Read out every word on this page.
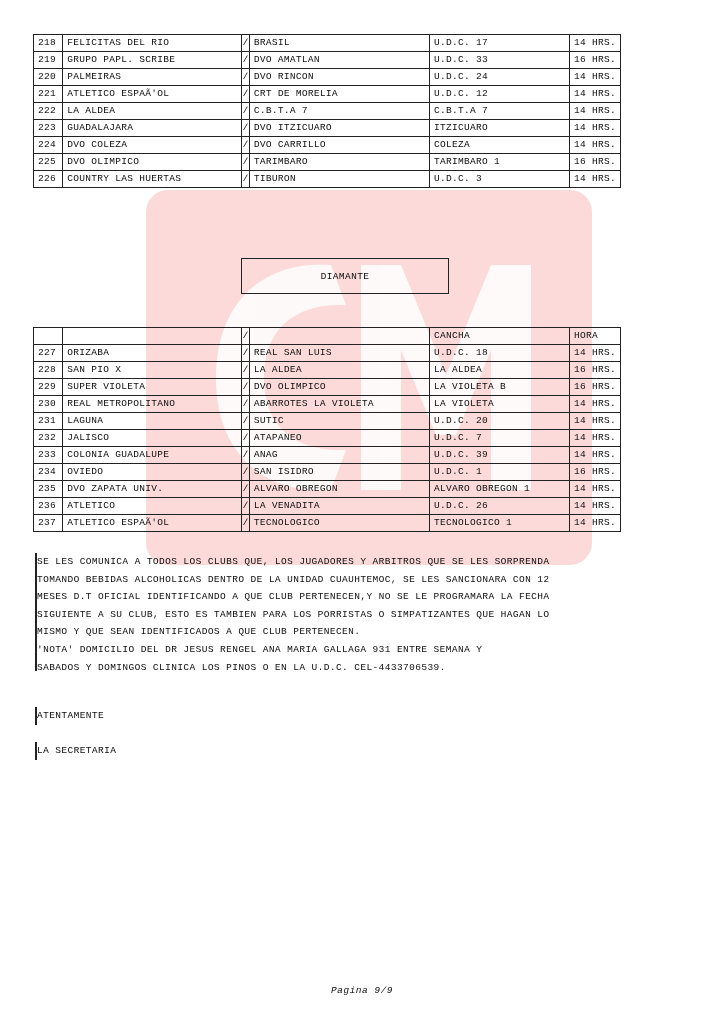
218	FELICITAS DEL RIO	/	BRASIL	U.D.C. 17	14 HRS.
219	GRUPO PAPL. SCRIBE	/	DVO AMATLAN	U.D.C. 33	16 HRS.
220	PALMEIRAS	/	DVO RINCON	U.D.C. 24	14 HRS.
221	ATLETICO ESPAÃ'OL	/	CRT DE MORELIA	U.D.C. 12	14 HRS.
222	LA ALDEA	/	C.B.T.A 7	C.B.T.A 7	14 HRS.
223	GUADALAJARA	/	DVO ITZICUARO	ITZICUARO	14 HRS.
224	DVO COLEZA	/	DVO CARRILLO	COLEZA	14 HRS.
225	DVO OLIMPICO	/	TARIMBARO	TARIMBARO 1	16 HRS.
226	COUNTRY LAS HUERTAS	/	TIBURON	U.D.C. 3	14 HRS.
DIAMANTE
		/		CANCHA	HORA
227	ORIZABA	/	REAL SAN LUIS	U.D.C. 18	14 HRS.
228	SAN PIO X	/	LA ALDEA	LA ALDEA	16 HRS.
229	SUPER VIOLETA	/	DVO OLIMPICO	LA VIOLETA B	16 HRS.
230	REAL METROPOLITANO	/	ABARROTES LA VIOLETA	LA VIOLETA	14 HRS.
231	LAGUNA	/	SUTIC	U.D.C. 20	14 HRS.
232	JALISCO	/	ATAPANEO	U.D.C. 7	14 HRS.
233	COLONIA GUADALUPE	/	ANAG	U.D.C. 39	14 HRS.
234	OVIEDO	/	SAN ISIDRO	U.D.C. 1	16 HRS.
235	DVO ZAPATA UNIV.	/	ALVARO OBREGON	ALVARO OBREGON 1	14 HRS.
236	ATLETICO	/	LA VENADITA	U.D.C. 26	14 HRS.
237	ATLETICO ESPAÃ'OL	/	TECNOLOGICO	TECNOLOGICO 1	14 HRS.

SE LES COMUNICA A TODOS LOS CLUBS QUE, LOS JUGADORES Y ARBITROS QUE SE LES SORPRENDA

TOMANDO BEBIDAS ALCOHOLICAS DENTRO DE LA UNIDAD CUAUHTEMOC, SE LES SANCIONARA CON 12

MESES D.T OFICIAL IDENTIFICANDO A QUE CLUB PERTENECEN,Y NO SE LE PROGRAMARA LA FECHA

SIGUIENTE A SU CLUB, ESTO ES TAMBIEN PARA LOS PORRISTAS O SIMPATIZANTES QUE HAGAN LO

MISMO Y QUE SEAN IDENTIFICADOS A QUE CLUB PERTENECEN.

'NOTA' DOMICILIO DEL DR JESUS RENGEL ANA MARIA GALLAGA 931 ENTRE SEMANA Y

SABADOS Y DOMINGOS CLINICA LOS PINOS O EN LA U.D.C. CEL-4433706539.

ATENTAMENTE
LA SECRETARIA
Pagina 9/9
